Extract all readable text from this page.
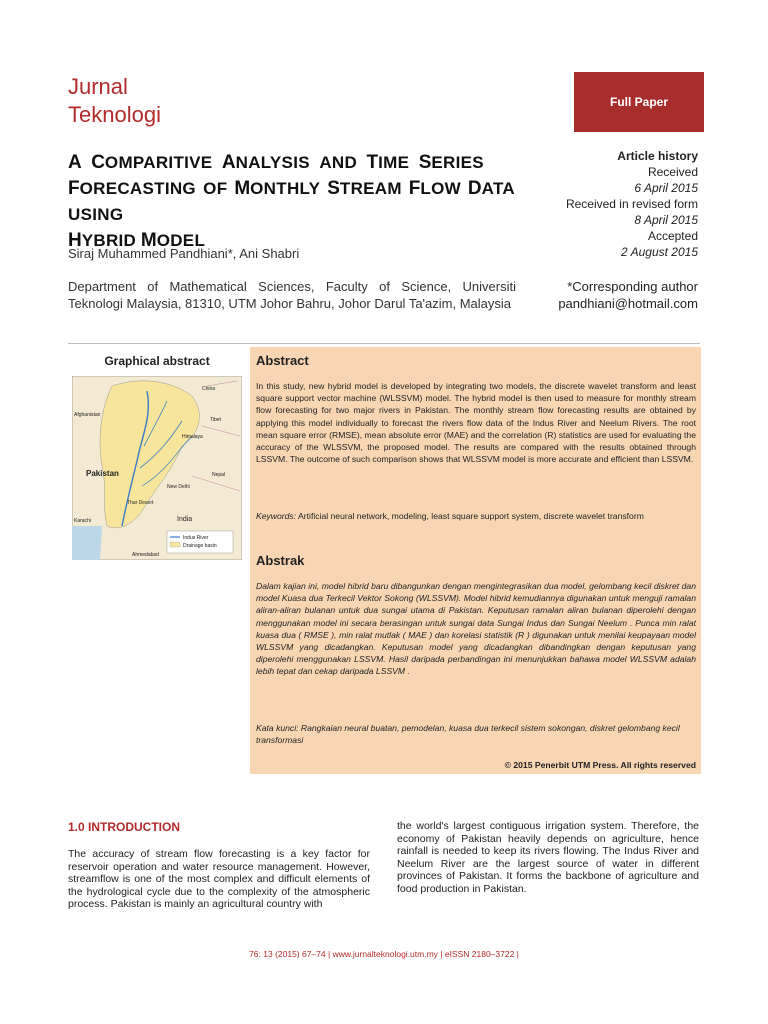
Jurnal
Teknologi	Full Paper
A COMPARITIVE ANALYSIS AND TIME SERIES
FORECASTING OF MONTHLY STREAM FLOW DATA USING
HYBRID MODEL
Article history
Received
6 April 2015
Received in revised form
8 April 2015
Accepted
2 August 2015
Siraj Muhammed Pandhiani*, Ani Shabri
Department of Mathematical Sciences, Faculty of Science, Universiti Teknologi Malaysia, 81310, UTM Johor Bahru, Johor Darul Ta'azim, Malaysia
*Corresponding author
pandhiani@hotmail.com
Graphical abstract
China
Tibet
Afghanistan
Himalaya
Pakistan	Nepal
New Delhi
Thar Desert
India
Karachi
Ahmedabad
Indus River
Drainage basin
Abstract
In this study, new hybrid model is developed by integrating two models, the discrete wavelet transform and least square support vector machine (WLSSVM) model. The hybrid model is then used to measure for monthly stream flow forecasting for two major rivers in Pakistan. The monthly stream flow forecasting results are obtained by applying this model individually to forecast the rivers flow data of the Indus River and Neelum Rivers. The root mean square error (RMSE), mean absolute error (MAE) and the correlation (R) statistics are used for evaluating the accuracy of the WLSSVM, the proposed model. The results are compared with the results obtained through LSSVM. The outcome of such comparison shows that WLSSVM model is more accurate and efficient than LSSVM.
Keywords: Artificial neural network, modeling, least square support system, discrete wavelet transform
Abstrak
Dalam kajian ini, model hibrid baru dibangunkan dengan mengintegrasikan dua model, gelombang kecil diskret dan model Kuasa dua Terkecil Vektor Sokong (WLSSVM). Model hibrid kemudiannya digunakan untuk menguji ramalan aliran-aliran bulanan untuk dua sungai utama di Pakistan. Keputusan ramalan aliran bulanan diperolehi dengan menggunakan model ini secara berasingan untuk sungai data Sungai Indus dan Sungai Neelum . Punca min ralat kuasa dua ( RMSE ), min ralat mutlak ( MAE ) dan korelasi statistik (R ) digunakan untuk menilai keupayaan model WLSSVM yang dicadangkan. Keputusan model yang dicadangkan dibandingkan dengan keputusan yang diperolehi menggunakan LSSVM. Hasil daripada perbandingan ini menunjukkan bahawa model WLSSVM adalah lebih tepat dan cekap daripada LSSVM .
Kata kunci: Rangkaian neural buatan, pemodelan, kuasa dua terkecil sistem sokongan, diskret gelombang kecil transformasi
© 2015 Penerbit UTM Press. All rights reserved
1.0 INTRODUCTION
The accuracy of stream flow forecasting is a key factor for reservoir operation and water resource management. However, streamflow is one of the most complex and difficult elements of the hydrological cycle due to the complexity of the atmospheric process. Pakistan is mainly an agricultural country with
the world's largest contiguous irrigation system. Therefore, the economy of Pakistan heavily depends on agriculture, hence rainfall is needed to keep its rivers flowing. The Indus River and Neelum River are the largest source of water in different provinces of Pakistan. It forms the backbone of agriculture and food production in Pakistan.
76: 13 (2015) 67–74 | www.jurnalteknologi.utm.my | eISSN 2180–3722 |
